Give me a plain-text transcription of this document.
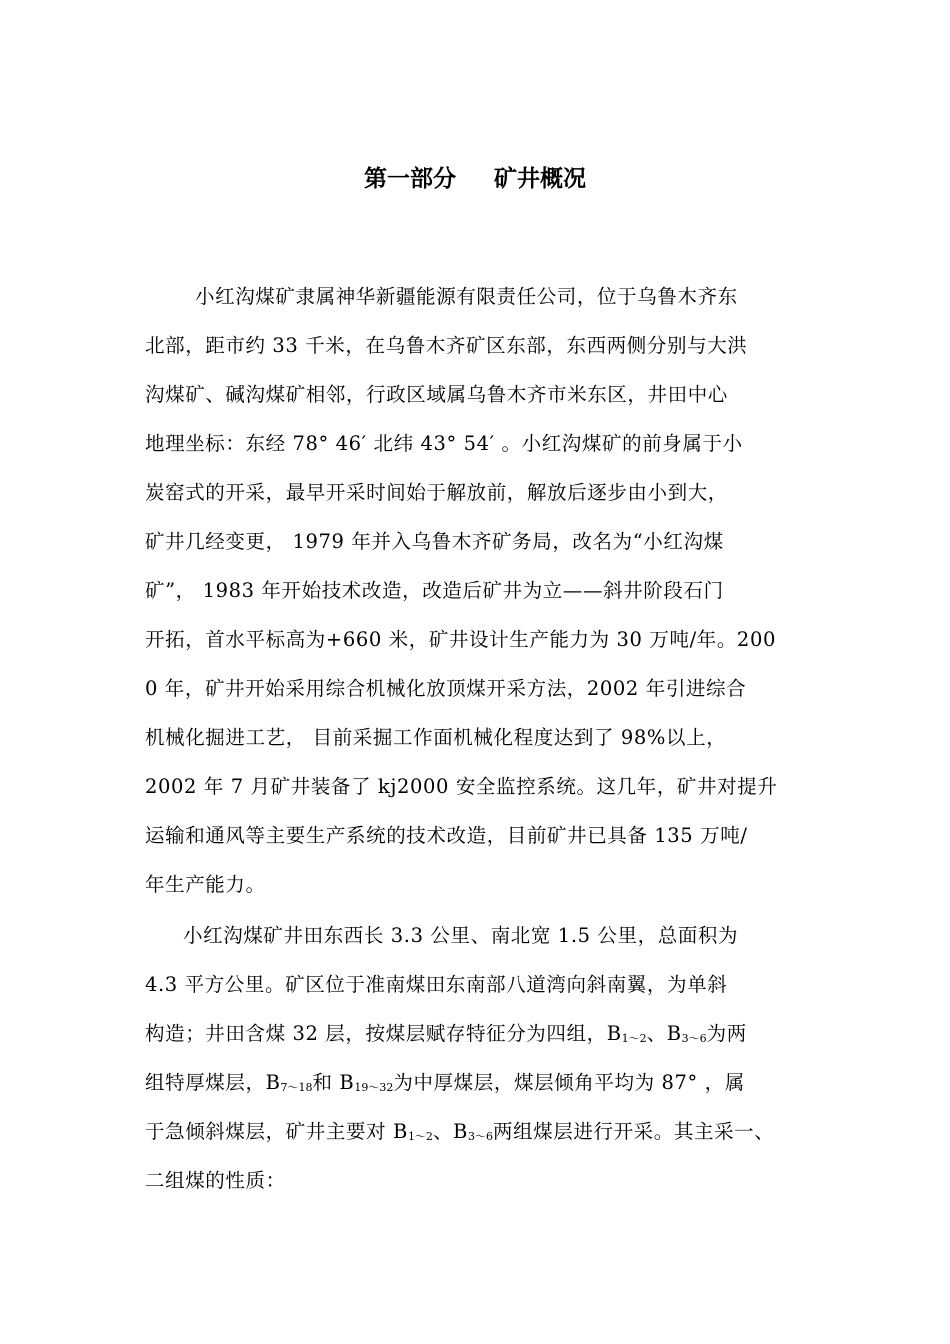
第一部分 矿井概况
小红沟煤矿隶属神华新疆能源有限责任公司，位于乌鲁木齐东
北部，距市约 33 千米，在乌鲁木齐矿区东部，东西两侧分别与大洪
沟煤矿、碱沟煤矿相邻，行政区域属乌鲁木齐市米东区，井田中心
地理坐标：东经 78° 46′ 北纬 43° 54′ 。小红沟煤矿的前身属于小
炭窑式的开采，最早开采时间始于解放前，解放后逐步由小到大，
矿井几经变更， 1979 年并入乌鲁木齐矿务局，改名为“小红沟煤
矿”， 1983 年开始技术改造，改造后矿井为立——斜井阶段石门
开拓，首水平标高为+660 米，矿井设计生产能力为 30 万吨/年。200
0 年，矿井开始采用综合机械化放顶煤开采方法，2002 年引进综合
机械化掘进工艺， 目前采掘工作面机械化程度达到了 98%以上，
2002 年 7 月矿井装备了 kj2000 安全监控系统。这几年，矿井对提升
运输和通风等主要生产系统的技术改造，目前矿井已具备 135 万吨/
年生产能力。
小红沟煤矿井田东西长 3.3 公里、南北宽 1.5 公里，总面积为
4.3 平方公里。矿区位于准南煤田东南部八道湾向斜南翼，为单斜
构造；井田含煤 32 层，按煤层赋存特征分为四组，B1～2、B3～6为两
组特厚煤层，B7～18和 B19～32为中厚煤层，煤层倾角平均为 87° ，属
于急倾斜煤层，矿井主要对 B1～2、B3～6两组煤层进行开采。其主采一、
二组煤的性质：
